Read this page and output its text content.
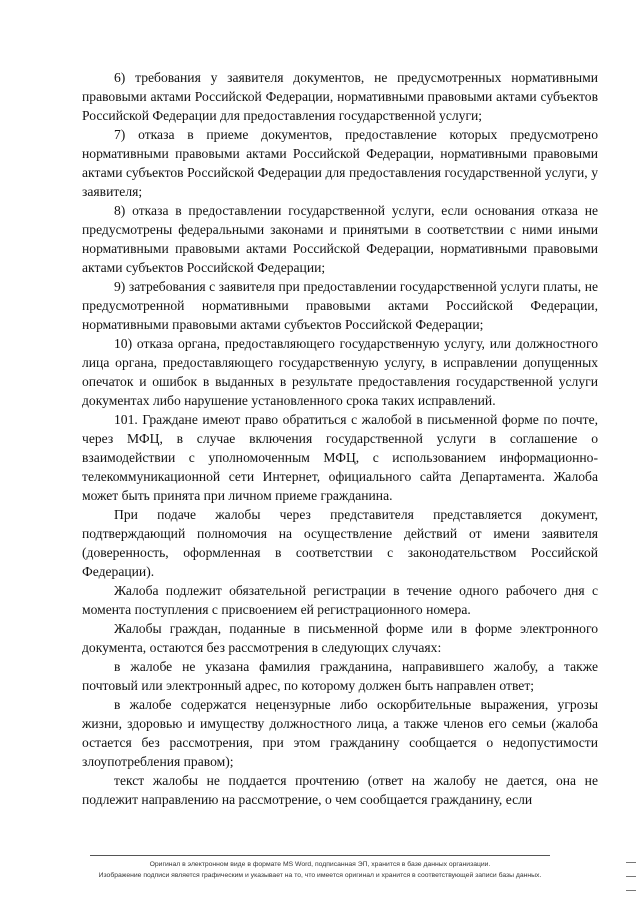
6) требования у заявителя документов, не предусмотренных нормативными правовыми актами Российской Федерации, нормативными правовыми актами субъектов Российской Федерации для предоставления государственной услуги;

7) отказа в приеме документов, предоставление которых предусмотрено нормативными правовыми актами Российской Федерации, нормативными правовыми актами субъектов Российской Федерации для предоставления государственной услуги, у заявителя;

8) отказа в предоставлении государственной услуги, если основания отказа не предусмотрены федеральными законами и принятыми в соответствии с ними иными нормативными правовыми актами Российской Федерации, нормативными правовыми актами субъектов Российской Федерации;

9) затребования с заявителя при предоставлении государственной услуги платы, не предусмотренной нормативными правовыми актами Российской Федерации, нормативными правовыми актами субъектов Российской Федерации;

10) отказа органа, предоставляющего государственную услугу, или должностного лица органа, предоставляющего государственную услугу, в исправлении допущенных опечаток и ошибок в выданных в результате предоставления государственной услуги документах либо нарушение установленного срока таких исправлений.

101. Граждане имеют право обратиться с жалобой в письменной форме по почте, через МФЦ, в случае включения государственной услуги в соглашение о взаимодействии с уполномоченным МФЦ, с использованием информационно-телекоммуникационной сети Интернет, официального сайта Департамента. Жалоба может быть принята при личном приеме гражданина.

При подаче жалобы через представителя представляется документ, подтверждающий полномочия на осуществление действий от имени заявителя (доверенность, оформленная в соответствии с законодательством Российской Федерации).

Жалоба подлежит обязательной регистрации в течение одного рабочего дня с момента поступления с присвоением ей регистрационного номера.

Жалобы граждан, поданные в письменной форме или в форме электронного документа, остаются без рассмотрения в следующих случаях:

в жалобе не указана фамилия гражданина, направившего жалобу, а также почтовый или электронный адрес, по которому должен быть направлен ответ;

в жалобе содержатся нецензурные либо оскорбительные выражения, угрозы жизни, здоровью и имуществу должностного лица, а также членов его семьи (жалоба остается без рассмотрения, при этом гражданину сообщается о недопустимости злоупотребления правом);

текст жалобы не поддается прочтению (ответ на жалобу не дается, она не подлежит направлению на рассмотрение, о чем сообщается гражданину, если

Оригинал в электронном виде в формате MS Word, подписанная ЭП, хранится в базе данных организации.

Изображение подписи является графическим и указывает на то, что имеется оригинал и хранится в соответствующей записи базы данных.
